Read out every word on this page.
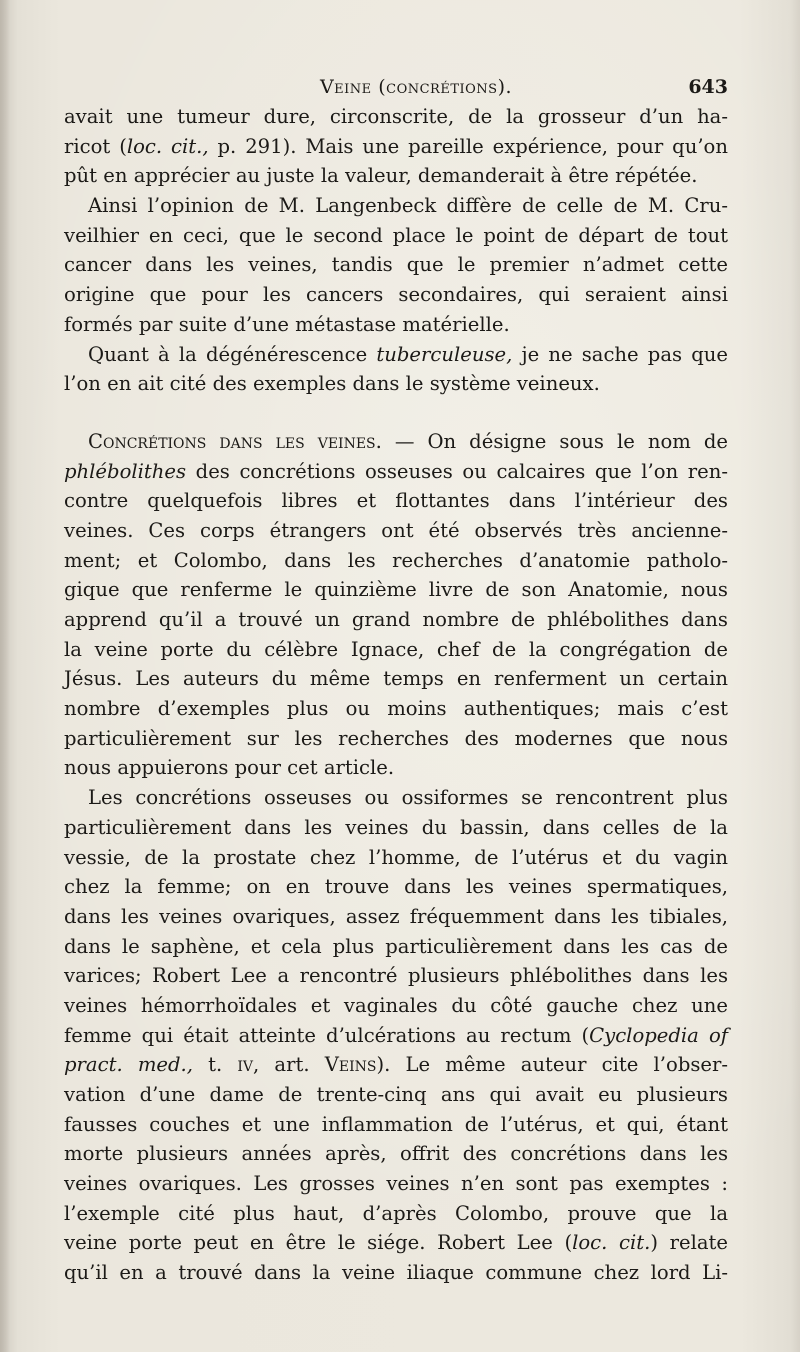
Veine (concrétions).	643
avait une tumeur dure, circonscrite, de la grosseur d’un ha-
ricot (loc. cit., p. 291). Mais une pareille expérience, pour qu’on
pût en apprécier au juste la valeur, demanderait à être répétée.
Ainsi l’opinion de M. Langenbeck diffère de celle de M. Cru-
veilhier en ceci, que le second place le point de départ de tout
cancer dans les veines, tandis que le premier n’admet cette
origine que pour les cancers secondaires, qui seraient ainsi
formés par suite d’une métastase matérielle.
Quant à la dégénérescence tuberculeuse, je ne sache pas que
l’on en ait cité des exemples dans le système veineux.
Concrétions dans les veines. — On désigne sous le nom de
phlébolithes des concrétions osseuses ou calcaires que l’on ren-
contre quelquefois libres et flottantes dans l’intérieur des
veines. Ces corps étrangers ont été observés très ancienne-
ment; et Colombo, dans les recherches d’anatomie patholo-
gique que renferme le quinzième livre de son Anatomie, nous
apprend qu’il a trouvé un grand nombre de phlébolithes dans
la veine porte du célèbre Ignace, chef de la congrégation de
Jésus. Les auteurs du même temps en renferment un certain
nombre d’exemples plus ou moins authentiques; mais c’est
particulièrement sur les recherches des modernes que nous
nous appuierons pour cet article.
Les concrétions osseuses ou ossiformes se rencontrent plus
particulièrement dans les veines du bassin, dans celles de la
vessie, de la prostate chez l’homme, de l’utérus et du vagin
chez la femme; on en trouve dans les veines spermatiques,
dans les veines ovariques, assez fréquemment dans les tibiales,
dans le saphène, et cela plus particulièrement dans les cas de
varices; Robert Lee a rencontré plusieurs phlébolithes dans les
veines hémorrhoïdales et vaginales du côté gauche chez une
femme qui était atteinte d’ulcérations au rectum (Cyclopedia of
pract. med., t. iv, art. Veins). Le même auteur cite l’obser-
vation d’une dame de trente-cinq ans qui avait eu plusieurs
fausses couches et une inflammation de l’utérus, et qui, étant
morte plusieurs années après, offrit des concrétions dans les
veines ovariques. Les grosses veines n’en sont pas exemptes :
l’exemple cité plus haut, d’après Colombo, prouve que la
veine porte peut en être le siége. Robert Lee (loc. cit.) relate
qu’il en a trouvé dans la veine iliaque commune chez lord Li-
